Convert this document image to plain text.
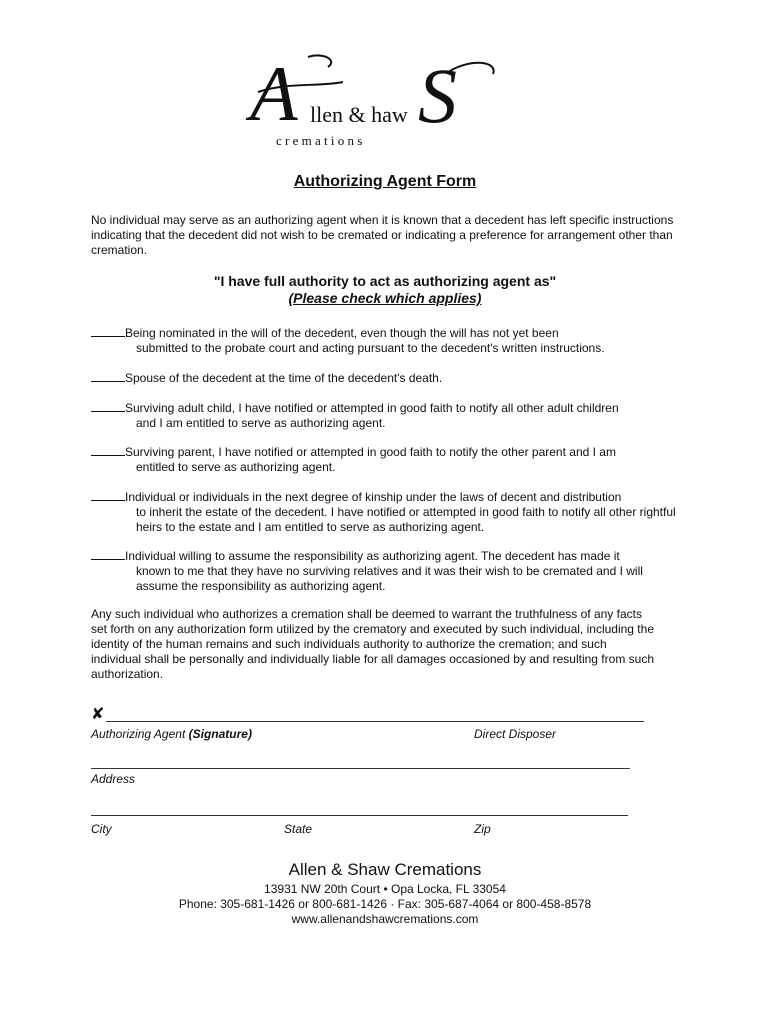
A S
llen & haw
c r e m a t i o n s
Authorizing Agent Form
No individual may serve as an authorizing agent when it is known that a decedent has left specific instructions indicating that the decedent did not wish to be cremated or indicating a preference for arrangement other than cremation.
"I have full authority to act as authorizing agent as"
(Please check which applies)
Being nominated in the will of the decedent, even though the will has not yet been
submitted to the probate court and acting pursuant to the decedent's written instructions.
Spouse of the decedent at the time of the decedent's death.
Surviving adult child, I have notified or attempted in good faith to notify all other adult children
and I am entitled to serve as authorizing agent.
Surviving parent, I have notified or attempted in good faith to notify the other parent and I am
entitled to serve as authorizing agent.
Individual or individuals in the next degree of kinship under the laws of decent and distribution
to inherit the estate of the decedent. I have notified or attempted in good faith to notify all other rightful heirs to the estate and I am entitled to serve as authorizing agent.
Individual willing to assume the responsibility as authorizing agent. The decedent has made it
known to me that they have no surviving relatives and it was their wish to be cremated and I will assume the responsibility as authorizing agent.
Any such individual who authorizes a cremation shall be deemed to warrant the truthfulness of any facts set forth on any authorization form utilized by the crematory and executed by such individual, including the identity of the human remains and such individuals authority to authorize the cremation; and such individual shall be personally and individually liable for all damages occasioned by and resulting from such authorization.
✘
Authorizing Agent (Signature)	Direct Disposer
Address
City	State	Zip
Allen & Shaw Cremations
13931 NW 20th Court • Opa Locka, FL 33054
Phone: 305-681-1426 or 800-681-1426 · Fax: 305-687-4064 or 800-458-8578
www.allenandshawcremations.com
